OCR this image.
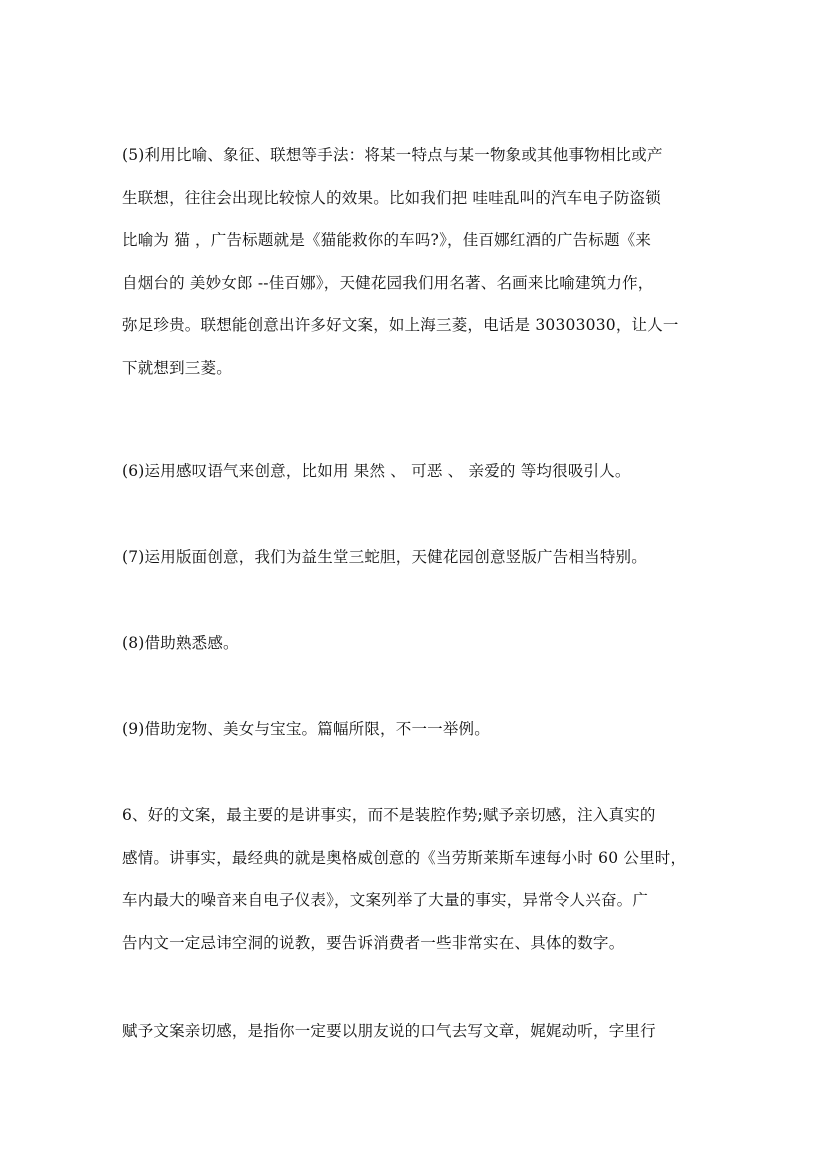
(5)利用比喻、象征、联想等手法：将某一特点与某一物象或其他事物相比或产
生联想，往往会出现比较惊人的效果。比如我们把 哇哇乱叫的汽车电子防盗锁
比喻为 猫 ，广告标题就是《猫能救你的车吗?》，佳百娜红酒的广告标题《来
自烟台的 美妙女郎 --佳百娜》，天健花园我们用名著、名画来比喻建筑力作，
弥足珍贵。联想能创意出许多好文案，如上海三菱，电话是 30303030，让人一
下就想到三菱。

(6)运用感叹语气来创意，比如用 果然 、 可恶 、 亲爱的 等均很吸引人。

(7)运用版面创意，我们为益生堂三蛇胆，天健花园创意竖版广告相当特别。

(8)借助熟悉感。

(9)借助宠物、美女与宝宝。篇幅所限，不一一举例。

6、好的文案，最主要的是讲事实，而不是装腔作势;赋予亲切感，注入真实的
感情。讲事实，最经典的就是奥格威创意的《当劳斯莱斯车速每小时 60 公里时，
车内最大的噪音来自电子仪表》，文案列举了大量的事实，异常令人兴奋。广
告内文一定忌讳空洞的说教，要告诉消费者一些非常实在、具体的数字。

赋予文案亲切感，是指你一定要以朋友说的口气去写文章，娓娓动听，字里行
